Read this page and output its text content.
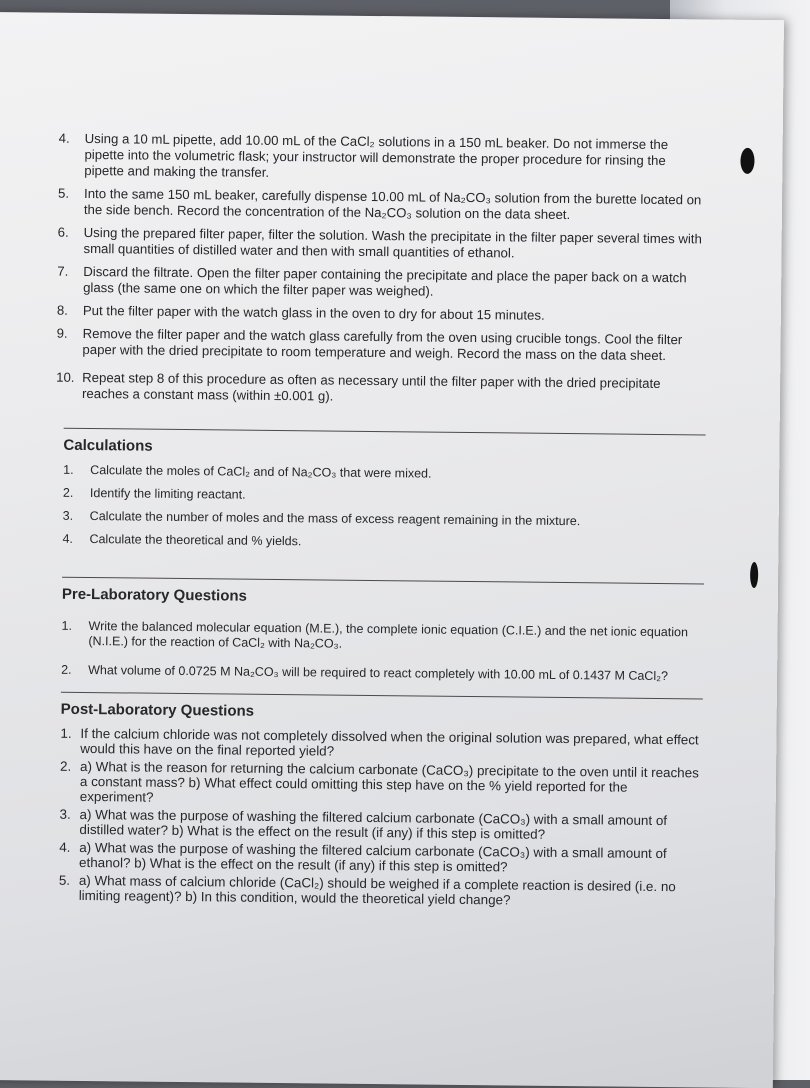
4.	Using a 10 mL pipette, add 10.00 mL of the CaCl₂ solutions in a 150 mL beaker. Do not immerse the pipette into the volumetric flask; your instructor will demonstrate the proper procedure for rinsing the pipette and making the transfer.

5.	Into the same 150 mL beaker, carefully dispense 10.00 mL of Na₂CO₃ solution from the burette located on the side bench. Record the concentration of the Na₂CO₃ solution on the data sheet.

6.	Using the prepared filter paper, filter the solution. Wash the precipitate in the filter paper several times with small quantities of distilled water and then with small quantities of ethanol.

7.	Discard the filtrate. Open the filter paper containing the precipitate and place the paper back on a watch glass (the same one on which the filter paper was weighed).

8.	Put the filter paper with the watch glass in the oven to dry for about 15 minutes.

9.	Remove the filter paper and the watch glass carefully from the oven using crucible tongs. Cool the filter paper with the dried precipitate to room temperature and weigh. Record the mass on the data sheet.

10. Repeat step 8 of this procedure as often as necessary until the filter paper with the dried precipitate reaches a constant mass (within ±0.001 g).

Calculations
1.	Calculate the moles of CaCl₂ and of Na₂CO₃ that were mixed.
2.	Identify the limiting reactant.
3.	Calculate the number of moles and the mass of excess reagent remaining in the mixture.
4.	Calculate the theoretical and % yields.
Pre-Laboratory Questions
1.	Write the balanced molecular equation (M.E.), the complete ionic equation (C.I.E.) and the net ionic equation (N.I.E.) for the reaction of CaCl₂ with Na₂CO₃.
2.	What volume of 0.0725 M Na₂CO₃ will be required to react completely with 10.00 mL of 0.1437 M CaCl₂?
Post-Laboratory Questions
1. If the calcium chloride was not completely dissolved when the original solution was prepared, what effect would this have on the final reported yield?
2. a) What is the reason for returning the calcium carbonate (CaCO₃) precipitate to the oven until it reaches a constant mass? b) What effect could omitting this step have on the % yield reported for the experiment?
3. a) What was the purpose of washing the filtered calcium carbonate (CaCO₃) with a small amount of distilled water? b) What is the effect on the result (if any) if this step is omitted?
4. a) What was the purpose of washing the filtered calcium carbonate (CaCO₃) with a small amount of ethanol? b) What is the effect on the result (if any) if this step is omitted?
5. a) What mass of calcium chloride (CaCl₂) should be weighed if a complete reaction is desired (i.e. no limiting reagent)? b) In this condition, would the theoretical yield change?
